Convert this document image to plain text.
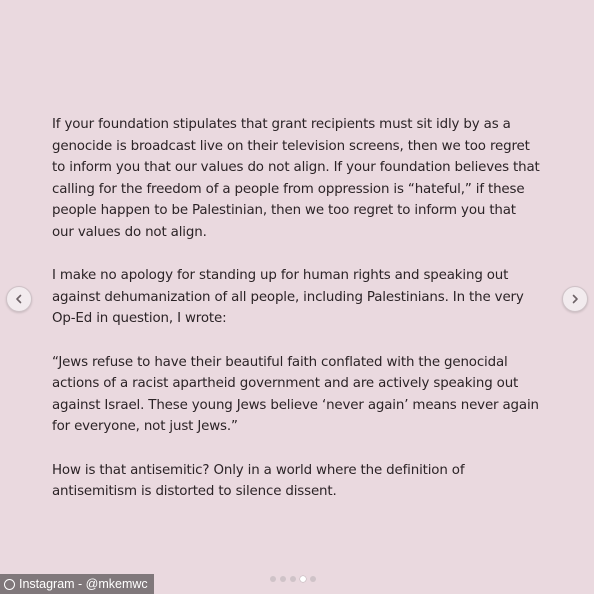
If your foundation stipulates that grant recipients must sit idly by as a
genocide is broadcast live on their television screens, then we too regret
to inform you that our values do not align. If your foundation believes that
calling for the freedom of a people from oppression is “hateful,” if these
people happen to be Palestinian, then we too regret to inform you that
our values do not align.

I make no apology for standing up for human rights and speaking out
against dehumanization of all people, including Palestinians. In the very
Op-Ed in question, I wrote:

“Jews refuse to have their beautiful faith conflated with the genocidal
actions of a racist apartheid government and are actively speaking out
against Israel. These young Jews believe ‘never again’ means never again
for everyone, not just Jews.”

How is that antisemitic? Only in a world where the definition of
antisemitism is distorted to silence dissent.

Instagram - @mkemwc
